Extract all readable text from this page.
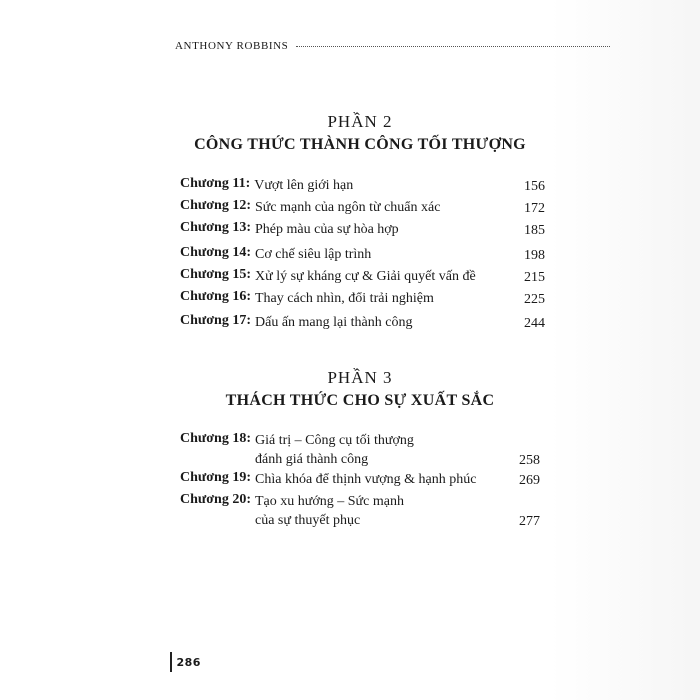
ANTHONY ROBBINS
PHẦN 2
CÔNG THỨC THÀNH CÔNG TỐI THƯỢNG
Chương 11: Vượt lên giới hạn	156
Chương 12: Sức mạnh của ngôn từ chuẩn xác	172
Chương 13: Phép màu của sự hòa hợp	185
Chương 14: Cơ chế siêu lập trình	198
Chương 15: Xử lý sự kháng cự & Giải quyết vấn đề	215
Chương 16: Thay cách nhìn, đổi trải nghiệm	225
Chương 17: Dấu ấn mang lại thành công	244
PHẦN 3
THÁCH THỨC CHO SỰ XUẤT SẮC
Chương 18: Giá trị – Công cụ tối thượng đánh giá thành công	258
Chương 19: Chìa khóa để thịnh vượng & hạnh phúc	269
Chương 20: Tạo xu hướng – Sức mạnh của sự thuyết phục	277
286
